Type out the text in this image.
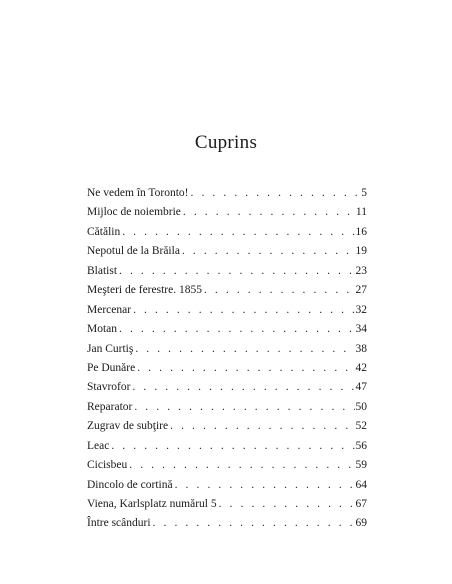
Cuprins
Ne vedem în Toronto! . . .	5
Mijloc de noiembrie . . .	11
Cătălin . . .	16
Nepotul de la Brăila . . .	19
Blatist . . .	23
Meşteri de ferestre. 1855 . . .	27
Mercenar . . .	32
Motan . . .	34
Jan Curtiş . . .	38
Pe Dunăre . . .	42
Stavrofor . . .	47
Reparator . . .	50
Zugrav de subţire . . .	52
Leac . . .	56
Cicisbeu . . .	59
Dincolo de cortină . . .	64
Viena, Karlsplatz numărul 5 . . .	67
Între scânduri . . .	69
